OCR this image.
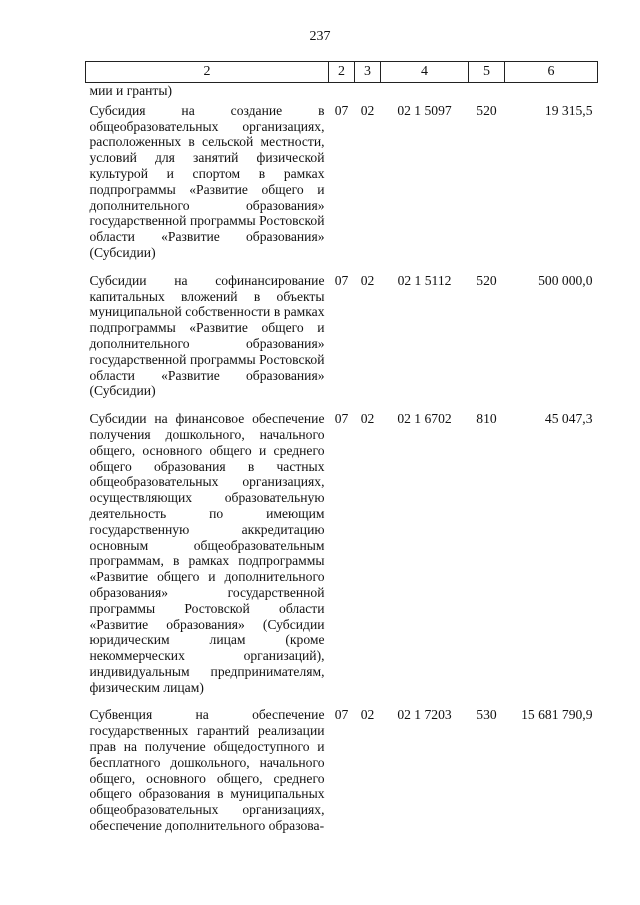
237
2	2	3	4	5	6
мии и гранты)					
Субсидия на создание в общеобразовательных организациях, расположенных в сельской местности, условий для занятий физической культурой и спортом в рамках подпрограммы «Развитие общего и дополнительного образования» государственной программы Ростовской области «Развитие образования» (Субсидии)	07	02	02 1 5097	520	19 315,5
Субсидии на софинансирование капитальных вложений в объекты муниципальной собственности в рамках подпрограммы «Развитие общего и дополнительного образования» государственной программы Ростовской области «Развитие образования» (Субсидии)	07	02	02 1 5112	520	500 000,0
Субсидии на финансовое обеспечение получения дошкольного, начального общего, основного общего и среднего общего образования в частных общеобразовательных организациях, осуществляющих образовательную деятельность по имеющим государственную аккредитацию основным общеобразовательным программам, в рамках подпрограммы «Развитие общего и дополнительного образования» государственной программы Ростовской области «Развитие образования» (Субсидии юридическим лицам (кроме некоммерческих организаций), индивидуальным предпринимателям, физическим лицам)	07	02	02 1 6702	810	45 047,3
Субвенция на обеспечение государственных гарантий реализации прав на получение общедоступного и бесплатного дошкольного, начального общего, основного общего, среднего общего образования в муниципальных общеобразовательных организациях, обеспечение дополнительного образова-	07	02	02 1 7203	530	15 681 790,9
